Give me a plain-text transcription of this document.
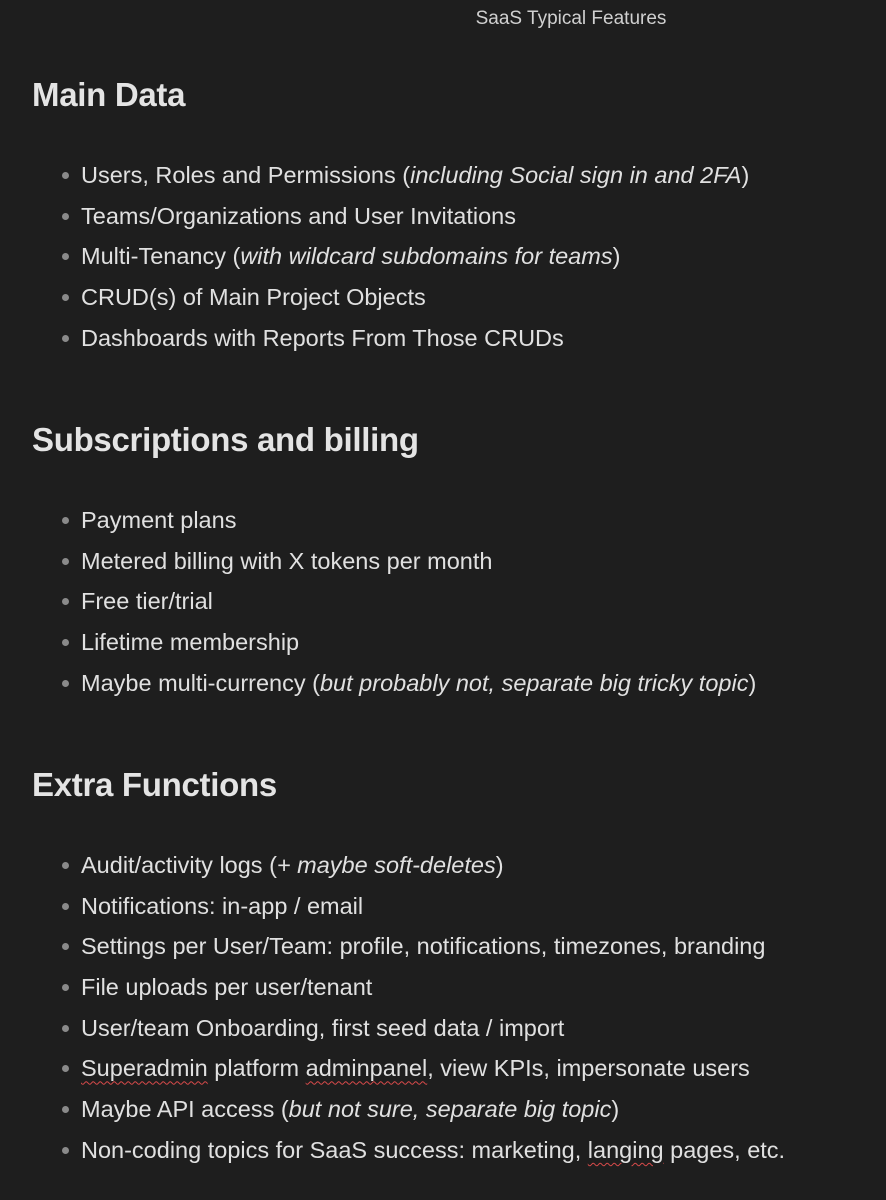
SaaS Typical Features
Main Data
Users, Roles and Permissions (including Social sign in and 2FA)
Teams/Organizations and User Invitations
Multi-Tenancy (with wildcard subdomains for teams)
CRUD(s) of Main Project Objects
Dashboards with Reports From Those CRUDs
Subscriptions and billing
Payment plans
Metered billing with X tokens per month
Free tier/trial
Lifetime membership
Maybe multi-currency (but probably not, separate big tricky topic)
Extra Functions
Audit/activity logs (+ maybe soft-deletes)
Notifications: in-app / email
Settings per User/Team: profile, notifications, timezones, branding
File uploads per user/tenant
User/team Onboarding, first seed data / import
Superadmin platform adminpanel, view KPIs, impersonate users
Maybe API access (but not sure, separate big topic)
Non-coding topics for SaaS success: marketing, langing pages, etc.
